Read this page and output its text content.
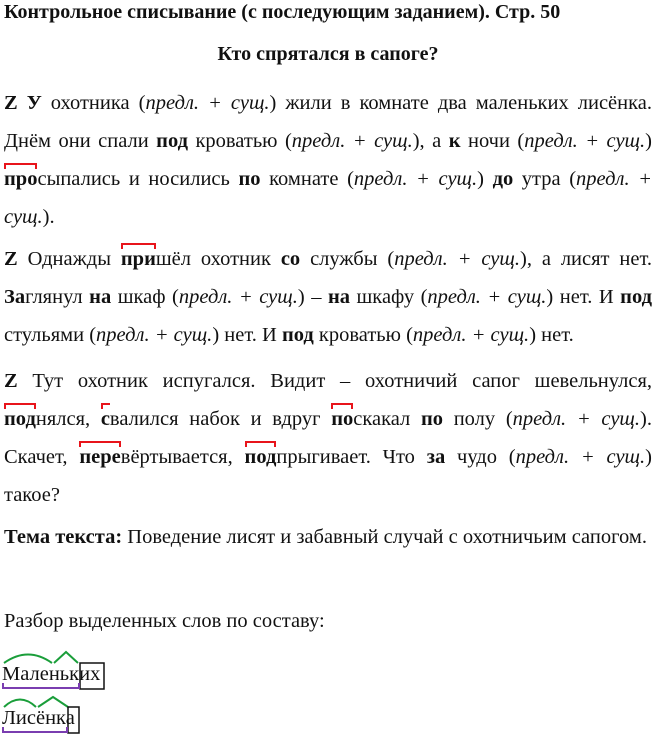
Контрольное списывание (с последующим заданием). Стр. 50
Кто спрятался в сапоге?
Z У охотника (предл. + сущ.) жили в комнате два маленьких лисёнка. Днём они спали под кроватью (предл. + сущ.), а к ночи (предл. + сущ.) просыпались и носились по комнате (предл. + сущ.) до утра (предл. + сущ.).
Z Однажды пришёл охотник со службы (предл. + сущ.), а лисят нет. Заглянул на шкаф (предл. + сущ.) – на шкафу (предл. + сущ.) нет. И под стульями (предл. + сущ.) нет. И под кроватью (предл. + сущ.) нет.
Z Тут охотник испугался. Видит – охотничий сапог шевельнулся, поднялся, свалился набок и вдруг поскакал по полу (предл. + сущ.). Скачет, перевёртывается, подпрыгивает. Что за чудо (предл. + сущ.) такое?
Тема текста: Поведение лисят и забавный случай с охотничьим сапогом.
Разбор выделенных слов по составу:
Маленьких
Лисёнка
